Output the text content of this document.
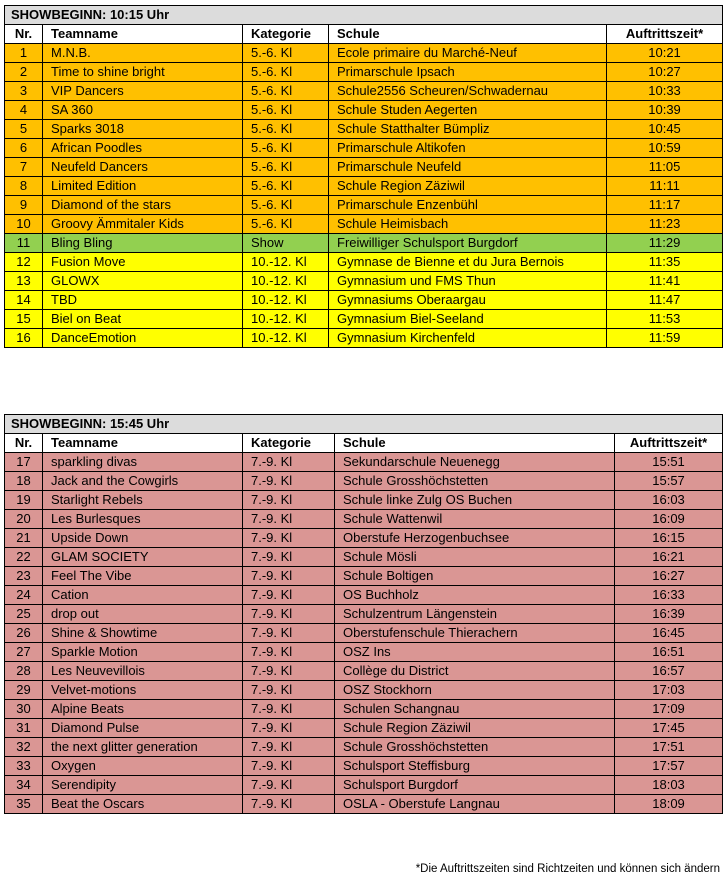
SHOWBEGINN: 10:15 Uhr				
Nr.	Teamname	Kategorie	Schule	Auftrittszeit*
1	M.N.B.	5.-6. Kl	Ecole primaire du Marché-Neuf	10:21
2	Time to shine bright	5.-6. Kl	Primarschule Ipsach	10:27
3	VIP Dancers	5.-6. Kl	Schule2556 Scheuren/Schwadernau	10:33
4	SA 360	5.-6. Kl	Schule Studen Aegerten	10:39
5	Sparks 3018	5.-6. Kl	Schule Statthalter Bümpliz	10:45
6	African Poodles	5.-6. Kl	Primarschule Altikofen	10:59
7	Neufeld Dancers	5.-6. Kl	Primarschule Neufeld	11:05
8	Limited Edition	5.-6. Kl	Schule Region Zäziwil	11:11
9	Diamond of the stars	5.-6. Kl	Primarschule Enzenbühl	11:17
10	Groovy Ämmitaler Kids	5.-6. Kl	Schule Heimisbach	11:23
11	Bling Bling	Show	Freiwilliger Schulsport Burgdorf	11:29
12	Fusion Move	10.-12. Kl	Gymnase de Bienne et du Jura Bernois	11:35
13	GLOWX	10.-12. Kl	Gymnasium und FMS Thun	11:41
14	TBD	10.-12. Kl	Gymnasiums Oberaargau	11:47
15	Biel on Beat	10.-12. Kl	Gymnasium Biel-Seeland	11:53
16	DanceEmotion	10.-12. Kl	Gymnasium Kirchenfeld	11:59
SHOWBEGINN: 15:45 Uhr				
Nr.	Teamname	Kategorie	Schule	Auftrittszeit*
17	sparkling divas	7.-9. Kl	Sekundarschule Neuenegg	15:51
18	Jack and the Cowgirls	7.-9. Kl	Schule Grosshöchstetten	15:57
19	Starlight Rebels	7.-9. Kl	Schule linke Zulg OS Buchen	16:03
20	Les Burlesques	7.-9. Kl	Schule Wattenwil	16:09
21	Upside Down	7.-9. Kl	Oberstufe Herzogenbuchsee	16:15
22	GLAM SOCIETY	7.-9. Kl	Schule Mösli	16:21
23	Feel The Vibe	7.-9. Kl	Schule Boltigen	16:27
24	Cation	7.-9. Kl	OS Buchholz	16:33
25	drop out	7.-9. Kl	Schulzentrum Längenstein	16:39
26	Shine & Showtime	7.-9. Kl	Oberstufenschule Thierachern	16:45
27	Sparkle Motion	7.-9. Kl	OSZ Ins	16:51
28	Les Neuvevillois	7.-9. Kl	Collège du District	16:57
29	Velvet-motions	7.-9. Kl	OSZ Stockhorn	17:03
30	Alpine Beats	7.-9. Kl	Schulen Schangnau	17:09
31	Diamond Pulse	7.-9. Kl	Schule Region Zäziwil	17:45
32	the next glitter generation	7.-9. Kl	Schule Grosshöchstetten	17:51
33	Oxygen	7.-9. Kl	Schulsport Steffisburg	17:57
34	Serendipity	7.-9. Kl	Schulsport Burgdorf	18:03
35	Beat the Oscars	7.-9. Kl	OSLA - Oberstufe Langnau	18:09
*Die Auftrittszeiten sind Richtzeiten und können sich ändern
